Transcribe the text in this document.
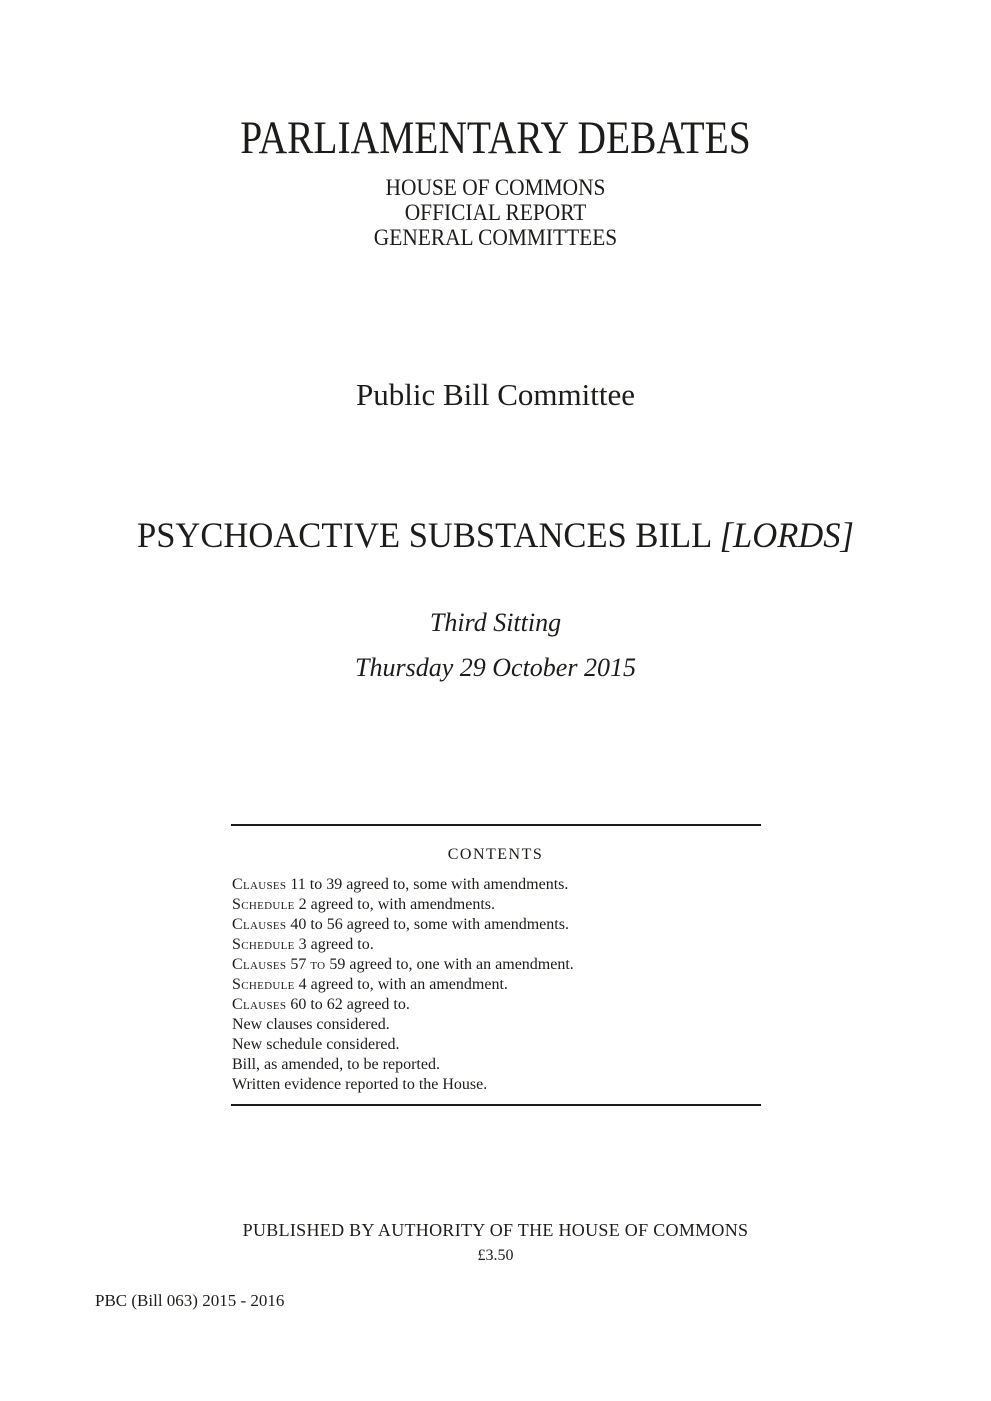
PARLIAMENTARY DEBATES
HOUSE OF COMMONS
OFFICIAL REPORT
GENERAL COMMITTEES
Public Bill Committee
PSYCHOACTIVE SUBSTANCES BILL [LORDS]
Third Sitting
Thursday 29 October 2015
CONTENTS
Clauses 11 to 39 agreed to, some with amendments.
Schedule 2 agreed to, with amendments.
Clauses 40 to 56 agreed to, some with amendments.
Schedule 3 agreed to.
Clauses 57 to 59 agreed to, one with an amendment.
Schedule 4 agreed to, with an amendment.
Clauses 60 to 62 agreed to.
New clauses considered.
New schedule considered.
Bill, as amended, to be reported.
Written evidence reported to the House.
PUBLISHED BY AUTHORITY OF THE HOUSE OF COMMONS
£3.50
PBC (Bill 063) 2015 - 2016
